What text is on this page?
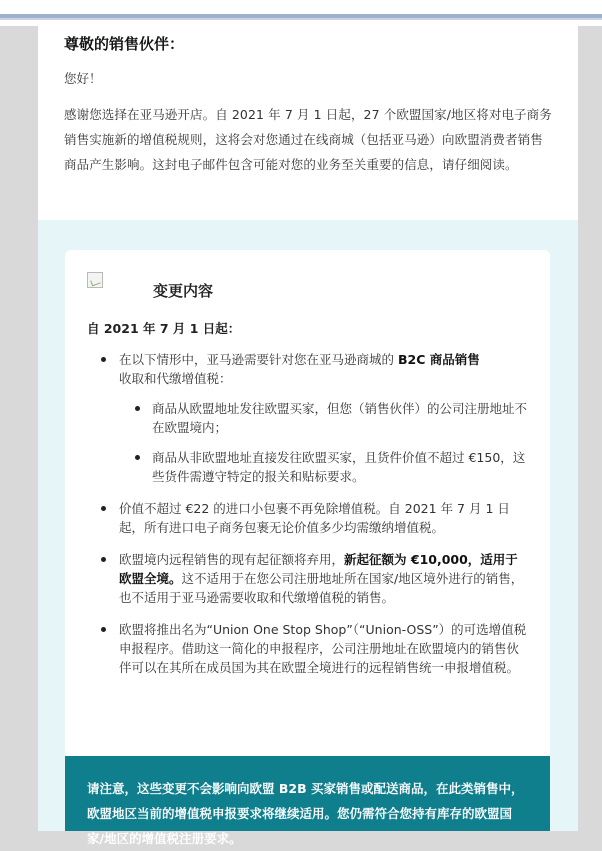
尊敬的销售伙伴：
您好！
感谢您选择在亚马逊开店。自 2021 年 7 月 1 日起，27 个欧盟国家/地区将对电子商务销售实施新的增值税规则，这将会对您通过在线商城（包括亚马逊）向欧盟消费者销售商品产生影响。这封电子邮件包含可能对您的业务至关重要的信息，请仔细阅读。
变更内容
自 2021 年 7 月 1 日起：
在以下情形中，亚马逊需要针对您在亚马逊商城的 B2C 商品销售
收取和代缴增值税：
商品从欧盟地址发往欧盟买家，但您（销售伙伴）的公司注册地址不在欧盟境内；
商品从非欧盟地址直接发往欧盟买家，且货件价值不超过 €150，这些货件需遵守特定的报关和贴标要求。
价值不超过 €22 的进口小包裹不再免除增值税。自 2021 年 7 月 1 日起，所有进口电子商务包裹无论价值多少均需缴纳增值税。
欧盟境内远程销售的现有起征额将弃用，新起征额为 €10,000，适用于欧盟全境。这不适用于在您公司注册地址所在国家/地区境外进行的销售，也不适用于亚马逊需要收取和代缴增值税的销售。
欧盟将推出名为“Union One Stop Shop”（“Union-OSS”）的可选增值税申报程序。借助这一简化的申报程序，公司注册地址在欧盟境内的销售伙伴可以在其所在成员国为其在欧盟全境进行的远程销售统一申报增值税。
请注意，这些变更不会影响向欧盟 B2B 买家销售或配送商品，在此类销售中，欧盟地区当前的增值税申报要求将继续适用。您仍需符合您持有库存的欧盟国家/地区的增值税注册要求。
